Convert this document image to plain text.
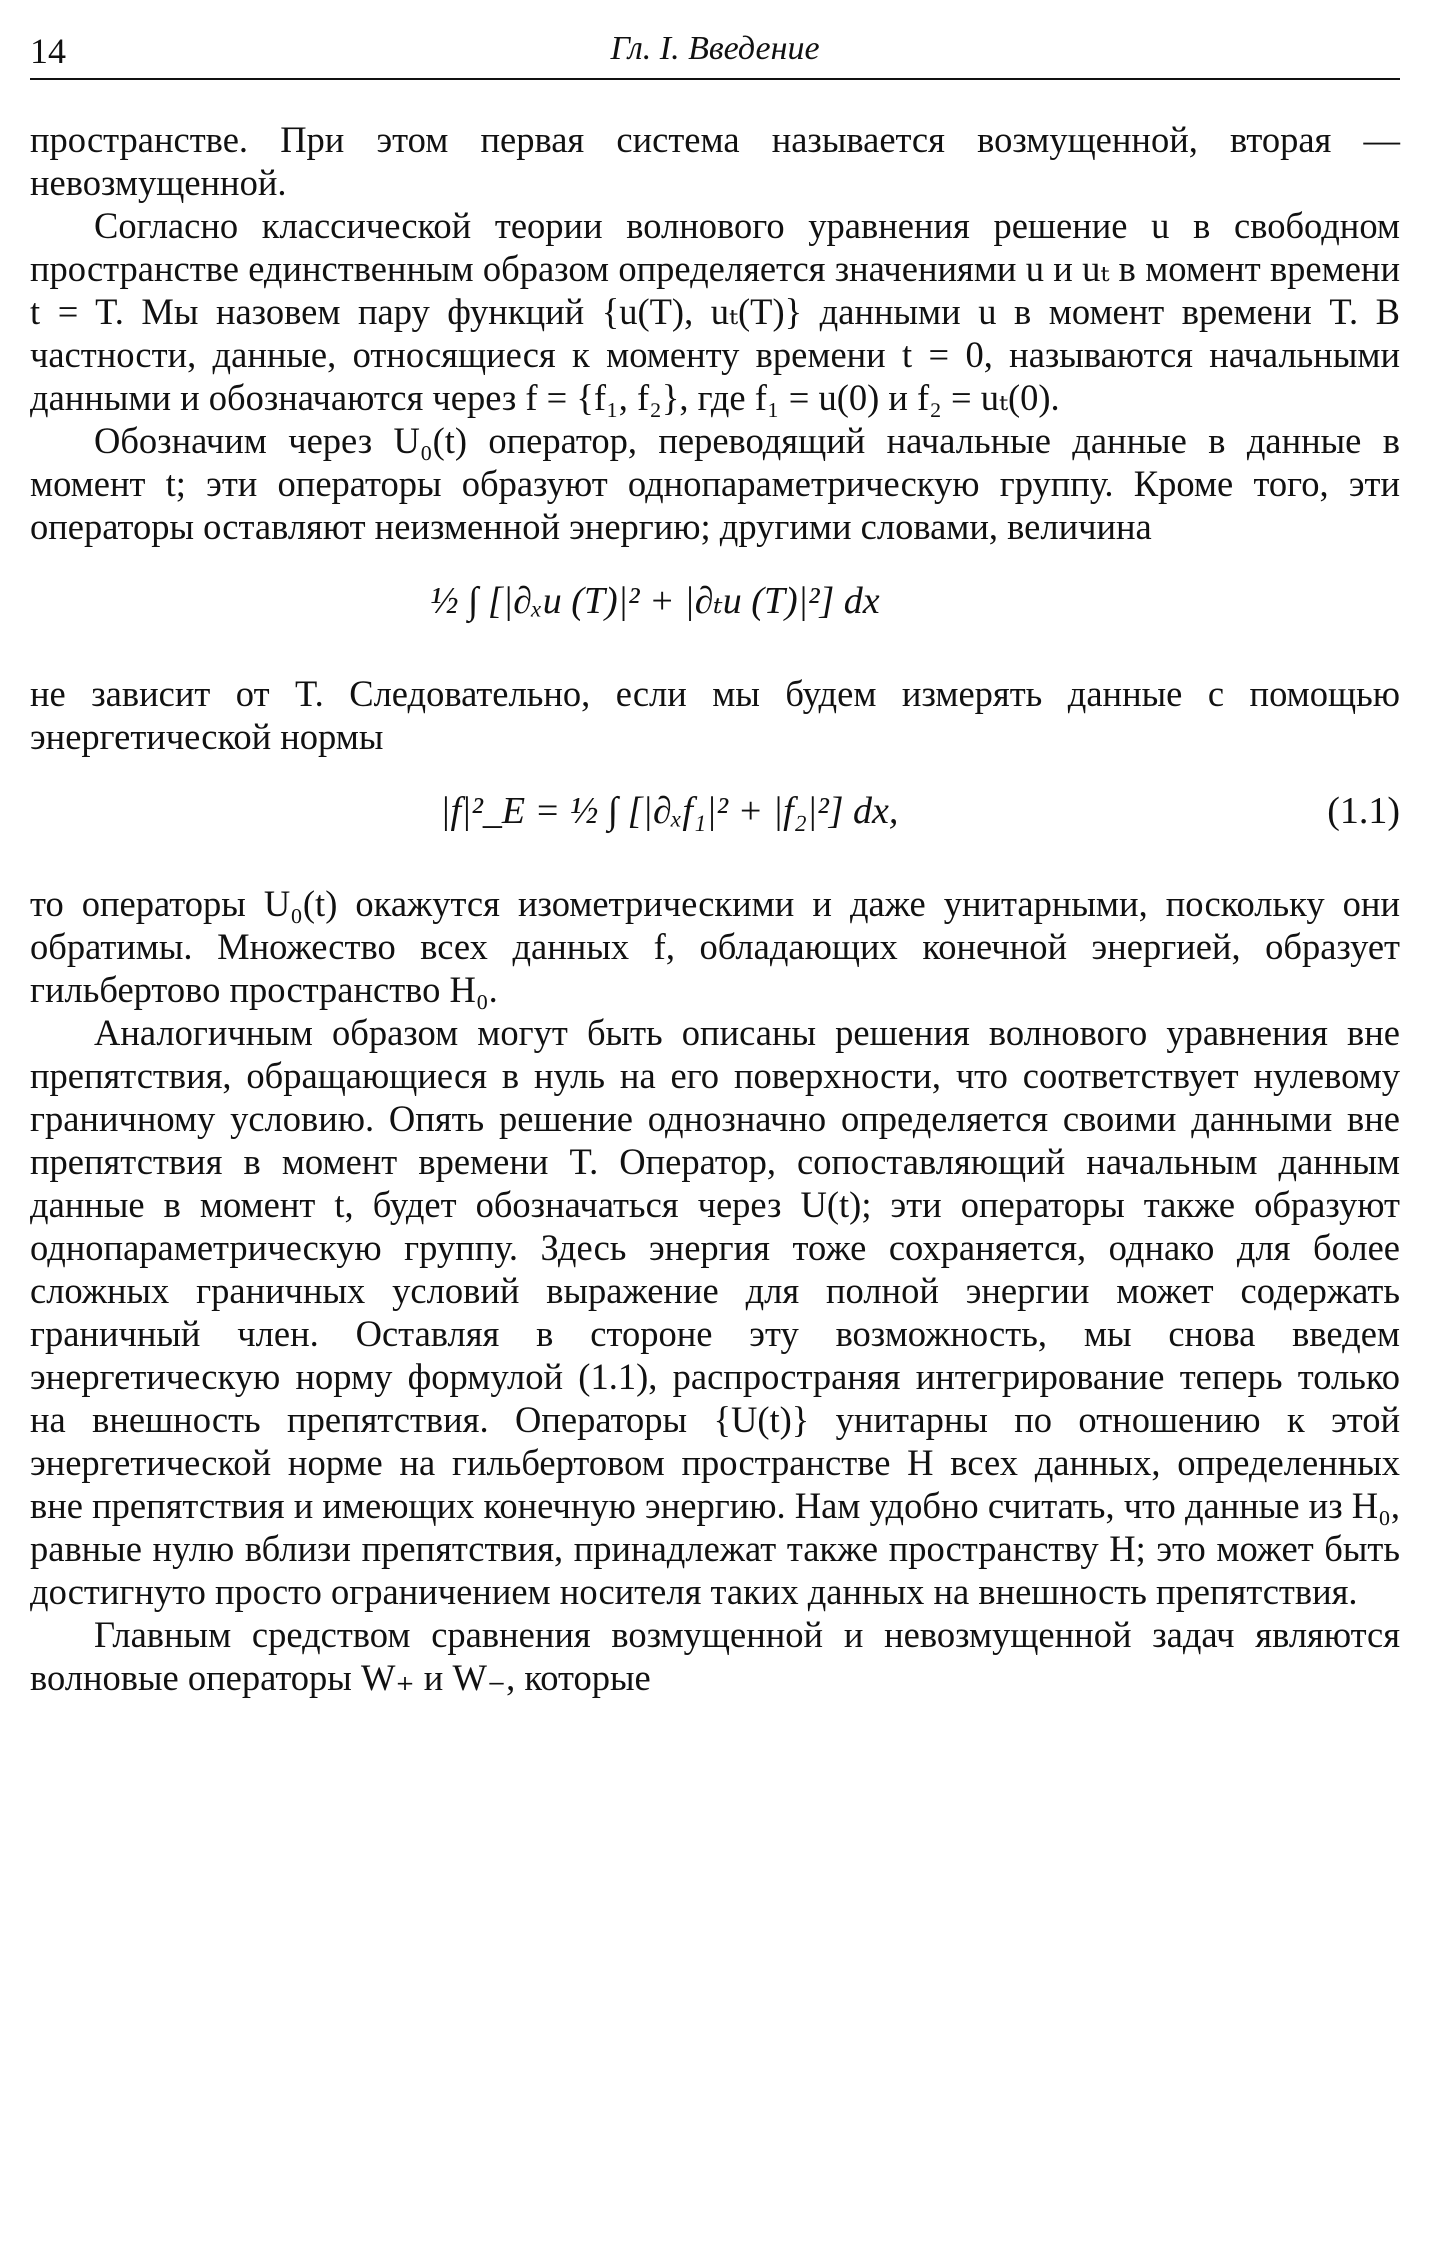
14	Гл. I. Введение

пространстве. При этом первая система называется возмущенной, вторая — невозмущенной.

Согласно классической теории волнового уравнения решение u в свободном пространстве единственным образом определяется значениями u и uₜ в момент времени t = T. Мы назовем пару функций {u(T), uₜ(T)} данными u в момент времени T. В частности, данные, относящиеся к моменту времени t = 0, называются начальными данными и обозначаются через f = {f₁, f₂}, где f₁ = u(0) и f₂ = uₜ(0).

Обозначим через U₀(t) оператор, переводящий начальные данные в данные в момент t; эти операторы образуют однопараметрическую группу. Кроме того, эти операторы оставляют неизменной энергию; другими словами, величина

½ ∫ [|∂ₓu (T)|² + |∂ₜu (T)|²] dx

не зависит от T. Следовательно, если мы будем измерять данные с помощью энергетической нормы

|f|²_E = ½ ∫ [|∂ₓf₁|² + |f₂|²] dx,	(1.1)

то операторы U₀(t) окажутся изометрическими и даже унитарными, поскольку они обратимы. Множество всех данных f, обладающих конечной энергией, образует гильбертово пространство H₀.

Аналогичным образом могут быть описаны решения волнового уравнения вне препятствия, обращающиеся в нуль на его поверхности, что соответствует нулевому граничному условию. Опять решение однозначно определяется своими данными вне препятствия в момент времени T. Оператор, сопоставляющий начальным данным данные в момент t, будет обозначаться через U(t); эти операторы также образуют однопараметрическую группу. Здесь энергия тоже сохраняется, однако для более сложных граничных условий выражение для полной энергии может содержать граничный член. Оставляя в стороне эту возможность, мы снова введем энергетическую норму формулой (1.1), распространяя интегрирование теперь только на внешность препятствия. Операторы {U(t)} унитарны по отношению к этой энергетической норме на гильбертовом пространстве H всех данных, определенных вне препятствия и имеющих конечную энергию. Нам удобно считать, что данные из H₀, равные нулю вблизи препятствия, принадлежат также пространству H; это может быть достигнуто просто ограничением носителя таких данных на внешность препятствия.

Главным средством сравнения возмущенной и невозмущенной задач являются волновые операторы W₊ и W₋, которые
